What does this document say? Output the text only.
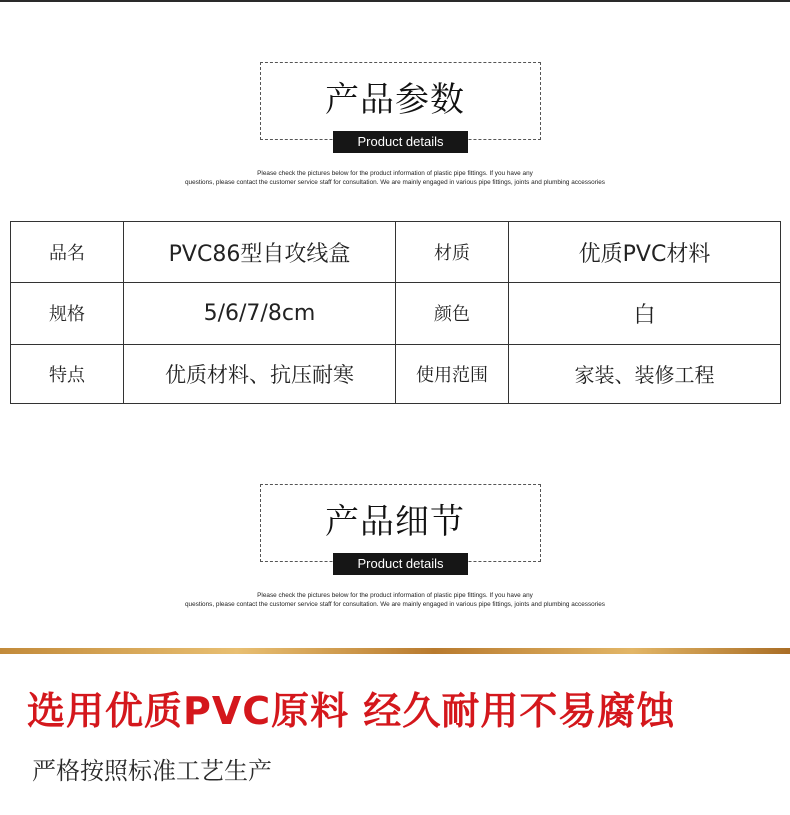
产品参数
Product details
Please check the pictures below for the product information of plastic pipe fittings. If you have any
questions, please contact the customer service staff for consultation. We are mainly engaged in various pipe fittings, joints and plumbing accessories
品名	PVC86型自攻线盒	材质	优质PVC材料
规格	5/6/7/8cm	颜色	白
特点	优质材料、抗压耐寒	使用范围	家装、装修工程
产品细节
Product details
Please check the pictures below for the product information of plastic pipe fittings. If you have any
questions, please contact the customer service staff for consultation. We are mainly engaged in various pipe fittings, joints and plumbing accessories
选用优质PVC原料 经久耐用不易腐蚀
严格按照标准工艺生产
